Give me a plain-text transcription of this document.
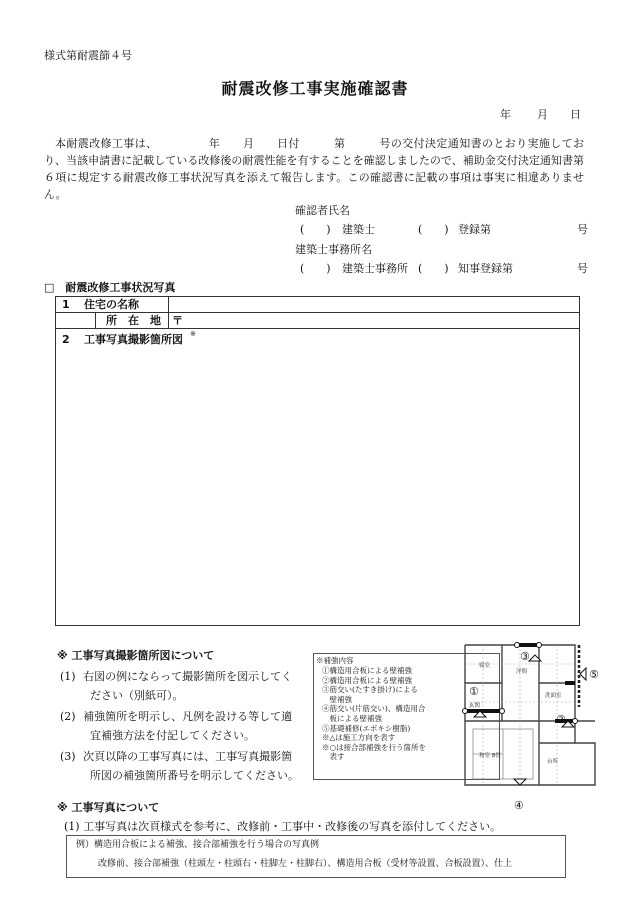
様式第耐震篩４号
耐震改修工事実施確認書
年 月 日
本耐震改修工事は、　　　　　年　　月　　日付　　　第　　　号の交付決定通知書のとおり実施しており、当該申請書に記載している改修後の耐震性能を有することを確認しましたので、補助金交付決定通知書第６項に規定する耐震改修工事状況写真を添えて報告します。この確認書に記載の事項は事実に相違ありません。
確認者氏名
(　　) 建築士	(　　) 登録第	号
建築士事務所名
(　　) 建築士事務所 (　　) 知事登録第	号
□　耐震改修工事状況写真
1 住宅の名称
所　在　地 〒
2 工事写真撮影箇所図 ※
※ 工事写真撮影箇所図について
(1) 右図の例にならって撮影箇所を図示してく
ださい（別紙可）。
(2) 補強箇所を明示し、凡例を設ける等して適
宜補強方法を付記してください。
(3) 次頁以降の工事写真には、工事写真撮影箇
所図の補強箇所番号を明示してください。
※補強内容
①構造用合板による壁補強
②構造用合板による壁補強
③筋交い(たすき掛け)による
　壁補強
④筋交い(片筋交い)、構造用合
　板による壁補強
⑤基礎補修(エポキシ樹脂)
※△は施工方向を表す
※○は接合部補強を行う箇所を
　表す
寝室
洋間
洗面室
玄関
和室 8畳
台所
①
②
③
⑤
④
※ 工事写真について
(1) 工事写真は次頁様式を参考に、改修前・工事中・改修後の写真を添付してください。
例）構造用合板による補強、接合部補強を行う場合の写真例
改修前、接合部補強（柱頭左・柱頭右・柱脚左・柱脚右）、構造用合板（受材等設置、合板設置）、仕上
